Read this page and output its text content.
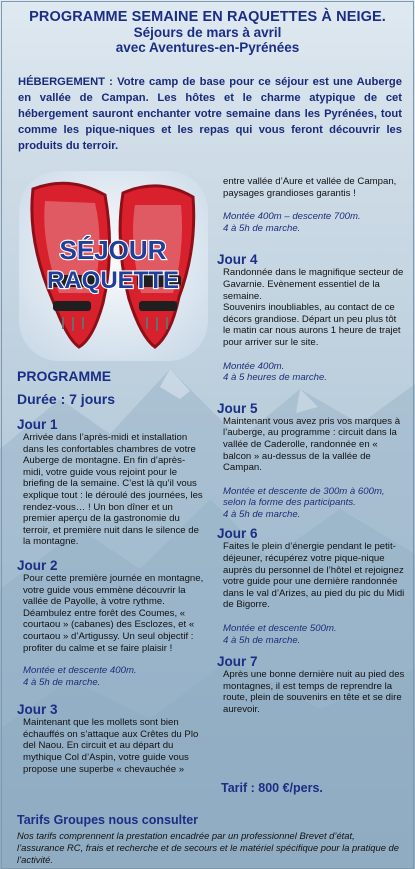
PROGRAMME SEMAINE EN RAQUETTES À NEIGE.
Séjours de mars à avril
avec Aventures-en-Pyrénées
HÉBERGEMENT : Votre camp de base pour ce séjour est une Auberge en vallée de Campan. Les hôtes et le charme atypique de cet hébergement sauront enchanter votre semaine dans les Pyrénées, tout comme les pique-niques et les repas qui vous feront découvrir les produits du terroir.
SÉJOUR
RAQUETTE
PROGRAMME
Durée : 7 jours
Jour 1

Arrivée dans l’après-midi et installation dans les confortables chambres de votre Auberge de montagne. En fin d’après-midi, votre guide vous rejoint pour le briefing de la semaine. C’est là qu’il vous explique tout : le déroulé des journées, les rendez-vous… ! Un bon dîner et un premier aperçu de la gastronomie du terroir, et première nuit dans le silence de la montagne.

Jour 2

Pour cette première journée en montagne, votre guide vous emmène découvrir la vallée de Payolle, à votre rythme. Déambulez entre forêt des Coumes, « courtaou » (cabanes) des Esclozes, et « courtaou » d’Artigussy. Un seul objectif : profiter du calme et se faire plaisir !

Montée et descente 400m.
4 à 5h de marche.
Jour 3

Maintenant que les mollets sont bien échauffés on s’attaque aux Crêtes du Plo del Naou. En circuit et au départ du mythique Col d’Aspin, votre guide vous propose une superbe « chevauchée »

entre vallée d’Aure et vallée de Campan, paysages grandioses garantis !

Montée 400m – descente 700m.
4 à 5h de marche.
Jour 4

Randonnée dans le magnifique secteur de Gavarnie. Evènement essentiel de la semaine.

Souvenirs inoubliables, au contact de ce décors grandiose. Départ un peu plus tôt le matin car nous aurons 1 heure de trajet pour arriver sur le site.

Montée 400m.
4 à 5 heures de marche.
Jour 5

Maintenant vous avez pris vos marques à l’auberge, au programme : circuit dans la vallée de Caderolle, randonnée en « balcon » au-dessus de la vallée de Campan.

Montée et descente de 300m à 600m, selon la forme des participants.
4 à 5h de marche.
Jour 6

Faites le plein d’énergie pendant le petit-déjeuner, récupérez votre pique-nique auprès du personnel de l’hôtel et rejoignez votre guide pour une dernière randonnée dans le val d’Arizes, au pied du pic du Midi de Bigorre.

Montée et descente 500m.
4 à 5h de marche.
Jour 7

Après une bonne dernière nuit au pied des montagnes, il est temps de reprendre la route, plein de souvenirs en tête et se dire aurevoir.

Tarif : 800 €/pers.
Tarifs Groupes nous consulter
Nos tarifs comprennent la prestation encadrée par un professionnel Brevet d’état, l’assurance RC, frais et recherche et de secours et le matériel spécifique pour la pratique de l’activité.
